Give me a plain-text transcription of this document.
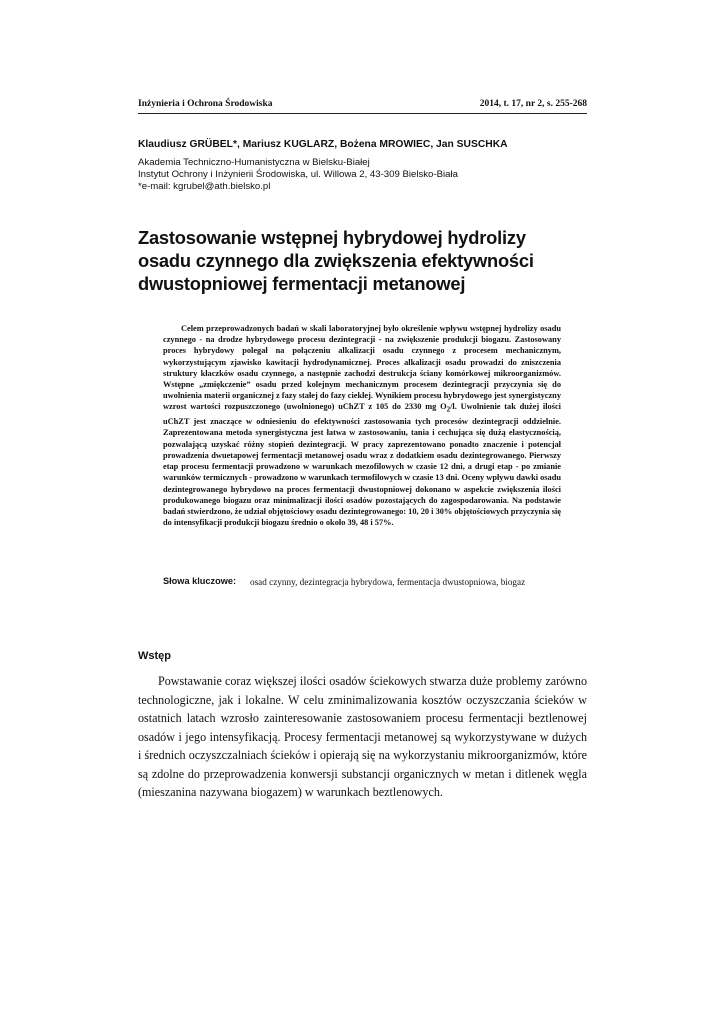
Inżynieria i Ochrona Środowiska	2014, t. 17, nr 2, s. 255-268
Klaudiusz GRÜBEL*, Mariusz KUGLARZ, Bożena MROWIEC, Jan SUSCHKA
Akademia Techniczno-Humanistyczna w Bielsku-Białej
Instytut Ochrony i Inżynierii Środowiska, ul. Willowa 2, 43-309 Bielsko-Biała
*e-mail: kgrubel@ath.bielsko.pl
Zastosowanie wstępnej hybrydowej hydrolizy
osadu czynnego dla zwiększenia efektywności
dwustopniowej fermentacji metanowej
Celem przeprowadzonych badań w skali laboratoryjnej było określenie wpływu wstępnej hydrolizy osadu czynnego - na drodze hybrydowego procesu dezintegracji - na zwiększenie produkcji biogazu. Zastosowany proces hybrydowy polegał na połączeniu alkalizacji osadu czynnego z procesem mechanicznym, wykorzystującym zjawisko kawitacji hydrodynamicznej. Proces alkalizacji osadu prowadzi do zniszczenia struktury kłaczków osadu czynnego, a następnie zachodzi destrukcja ściany komórkowej mikroorganizmów. Wstępne „zmiękczenie” osadu przed kolejnym mechanicznym procesem dezintegracji przyczynia się do uwolnienia materii organicznej z fazy stałej do fazy ciekłej. Wynikiem procesu hybrydowego jest synergistyczny wzrost wartości rozpuszczonego (uwolnionego) uChZT z 105 do 2330 mg $O_2/l$. Uwolnienie tak dużej ilości uChZT jest znaczące w odniesieniu do efektywności zastosowania tych procesów dezintegracji oddzielnie. Zaprezentowana metoda synergistyczna jest łatwa w zastosowaniu, tania i cechująca się dużą elastycznością, pozwalającą uzyskać różny stopień dezintegracji. W pracy zaprezentowano ponadto znaczenie i potencjał prowadzenia dwuetapowej fermentacji metanowej osadu wraz z dodatkiem osadu dezintegrowanego. Pierwszy etap procesu fermentacji prowadzono w warunkach mezofilowych w czasie 12 dni, a drugi etap - po zmianie warunków termicznych - prowadzono w warunkach termofilowych w czasie 13 dni. Oceny wpływu dawki osadu dezintegrowanego hybrydowo na proces fermentacji dwustopniowej dokonano w aspekcie zwiększenia ilości produkowanego biogazu oraz minimalizacji ilości osadów pozostających do zagospodarowania. Na podstawie badań stwierdzono, że udział objętościowy osadu dezintegrowanego: 10, 20 i 30% objętościowych przyczynia się do intensyfikacji produkcji biogazu średnio o około 39, 48 i 57%.
Słowa kluczowe: osad czynny, dezintegracja hybrydowa, fermentacja dwustopniowa, biogaz
Wstęp
Powstawanie coraz większej ilości osadów ściekowych stwarza duże problemy zarówno technologiczne, jak i lokalne. W celu zminimalizowania kosztów oczyszczania ścieków w ostatnich latach wzrosło zainteresowanie zastosowaniem procesu fermentacji beztlenowej osadów i jego intensyfikacją. Procesy fermentacji metanowej są wykorzystywane w dużych i średnich oczyszczalniach ścieków i opierają się na wykorzystaniu mikroorganizmów, które są zdolne do przeprowadzenia konwersji substancji organicznych w metan i ditlenek węgla (mieszanina nazywana biogazem) w warunkach beztlenowych.
